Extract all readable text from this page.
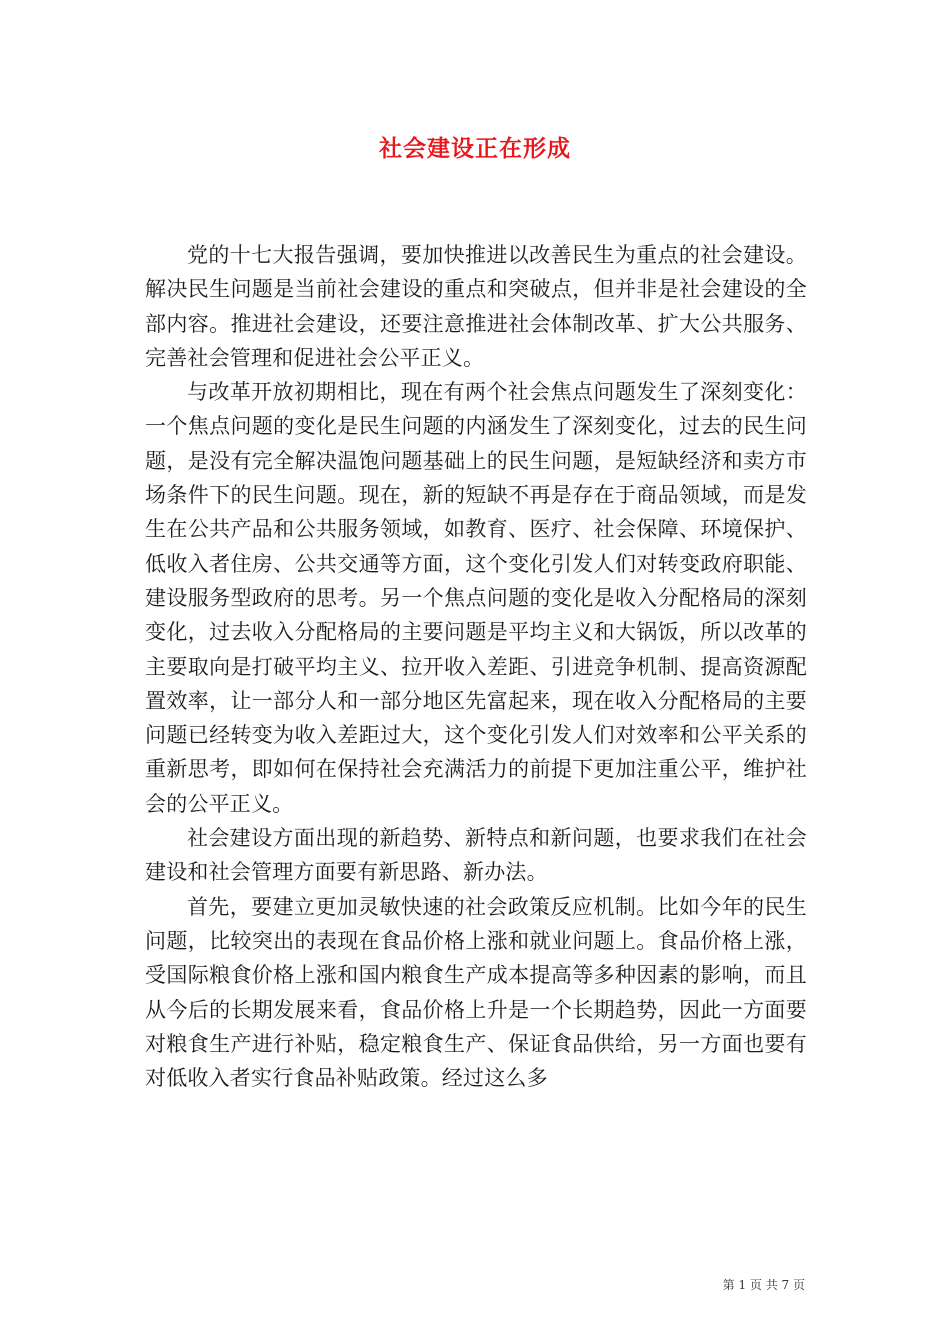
社会建设正在形成

党的十七大报告强调，要加快推进以改善民生为重点的社会建设。解决民生问题是当前社会建设的重点和突破点，但并非是社会建设的全部内容。推进社会建设，还要注意推进社会体制改革、扩大公共服务、完善社会管理和促进社会公平正义。

与改革开放初期相比，现在有两个社会焦点问题发生了深刻变化：一个焦点问题的变化是民生问题的内涵发生了深刻变化，过去的民生问题，是没有完全解决温饱问题基础上的民生问题，是短缺经济和卖方市场条件下的民生问题。现在，新的短缺不再是存在于商品领域，而是发生在公共产品和公共服务领域，如教育、医疗、社会保障、环境保护、低收入者住房、公共交通等方面，这个变化引发人们对转变政府职能、建设服务型政府的思考。另一个焦点问题的变化是收入分配格局的深刻变化，过去收入分配格局的主要问题是平均主义和大锅饭，所以改革的主要取向是打破平均主义、拉开收入差距、引进竞争机制、提高资源配置效率，让一部分人和一部分地区先富起来，现在收入分配格局的主要问题已经转变为收入差距过大，这个变化引发人们对效率和公平关系的重新思考，即如何在保持社会充满活力的前提下更加注重公平，维护社会的公平正义。

社会建设方面出现的新趋势、新特点和新问题，也要求我们在社会建设和社会管理方面要有新思路、新办法。

首先，要建立更加灵敏快速的社会政策反应机制。比如今年的民生问题，比较突出的表现在食品价格上涨和就业问题上。食品价格上涨，受国际粮食价格上涨和国内粮食生产成本提高等多种因素的影响，而且从今后的长期发展来看，食品价格上升是一个长期趋势，因此一方面要对粮食生产进行补贴，稳定粮食生产、保证食品供给，另一方面也要有对低收入者实行食品补贴政策。经过这么多

第 1 页 共 7 页
